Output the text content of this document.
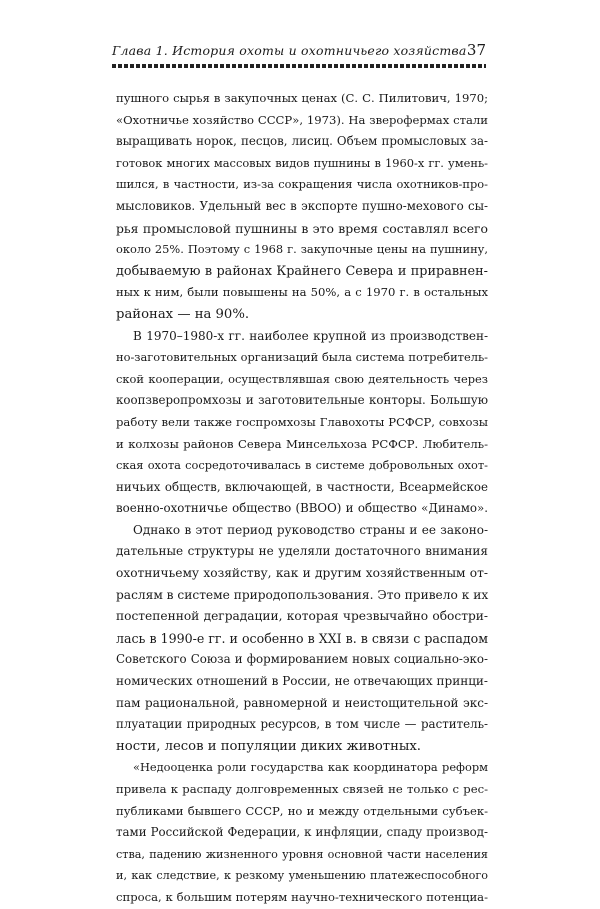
Глава 1. История охоты и охотничьего хозяйства 37
пушного сырья в закупочных ценах (С. С. Пилитович, 1970;
«Охотничье хозяйство СССР», 1973). На зверофермах стали
выращивать норок, песцов, лисиц. Объем промысловых за-
готовок многих массовых видов пушнины в 1960-х гг. умень-
шился, в частности, из-за сокращения числа охотников-про-
мысловиков. Удельный вес в экспорте пушно-мехового сы-
рья промысловой пушнины в это время составлял всего
около 25%. Поэтому с 1968 г. закупочные цены на пушнину,
добываемую в районах Крайнего Севера и приравнен-
ных к ним, были повышены на 50%, а с 1970 г. в остальных
районах — на 90%.
В 1970–1980-х гг. наиболее крупной из производствен-
но-заготовительных организаций была система потребитель-
ской кооперации, осуществлявшая свою деятельность через
коопзверопромхозы и заготовительные конторы. Большую
работу вели также госпромхозы Главохоты РСФСР, совхозы
и колхозы районов Севера Минсельхоза РСФСР. Любитель-
ская охота сосредоточивалась в системе добровольных охот-
ничьих обществ, включающей, в частности, Всеармейское
военно-охотничье общество (ВВОО) и общество «Динамо».
Однако в этот период руководство страны и ее законо-
дательные структуры не уделяли достаточного внимания
охотничьему хозяйству, как и другим хозяйственным от-
раслям в системе природопользования. Это привело к их
постепенной деградации, которая чрезвычайно обостри-
лась в 1990-е гг. и особенно в XXI в. в связи с распадом
Советского Союза и формированием новых социально-эко-
номических отношений в России, не отвечающих принци-
пам рациональной, равномерной и неистощительной экс-
плуатации природных ресурсов, в том числе — раститель-
ности, лесов и популяции диких животных.
«Недооценка роли государства как координатора реформ
привела к распаду долговременных связей не только с рес-
публиками бывшего СССР, но и между отдельными субъек-
тами Российской Федерации, к инфляции, спаду производ-
ства, падению жизненного уровня основной части населения
и, как следствие, к резкому уменьшению платежеспособного
спроса, к большим потерям научно-технического потенциа-
